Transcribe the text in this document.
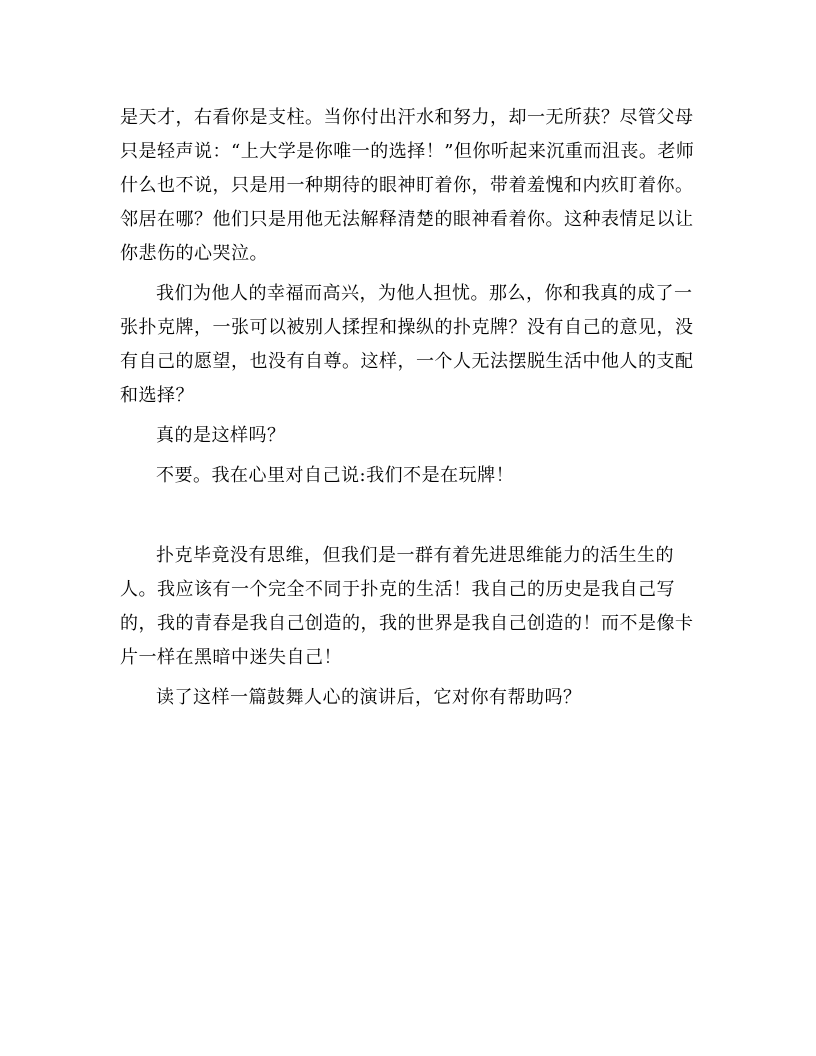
是天才，右看你是支柱。当你付出汗水和努力，却一无所获？尽管父母只是轻声说：“上大学是你唯一的选择！”但你听起来沉重而沮丧。老师什么也不说，只是用一种期待的眼神盯着你，带着羞愧和内疚盯着你。邻居在哪？他们只是用他无法解释清楚的眼神看着你。这种表情足以让你悲伤的心哭泣。

我们为他人的幸福而高兴，为他人担忧。那么，你和我真的成了一张扑克牌，一张可以被别人揉捏和操纵的扑克牌？没有自己的意见，没有自己的愿望，也没有自尊。这样，一个人无法摆脱生活中他人的支配和选择？

真的是这样吗？

不要。我在心里对自己说:我们不是在玩牌！

扑克毕竟没有思维，但我们是一群有着先进思维能力的活生生的人。我应该有一个完全不同于扑克的生活！我自己的历史是我自己写的，我的青春是我自己创造的，我的世界是我自己创造的！而不是像卡片一样在黑暗中迷失自己！

读了这样一篇鼓舞人心的演讲后，它对你有帮助吗？
